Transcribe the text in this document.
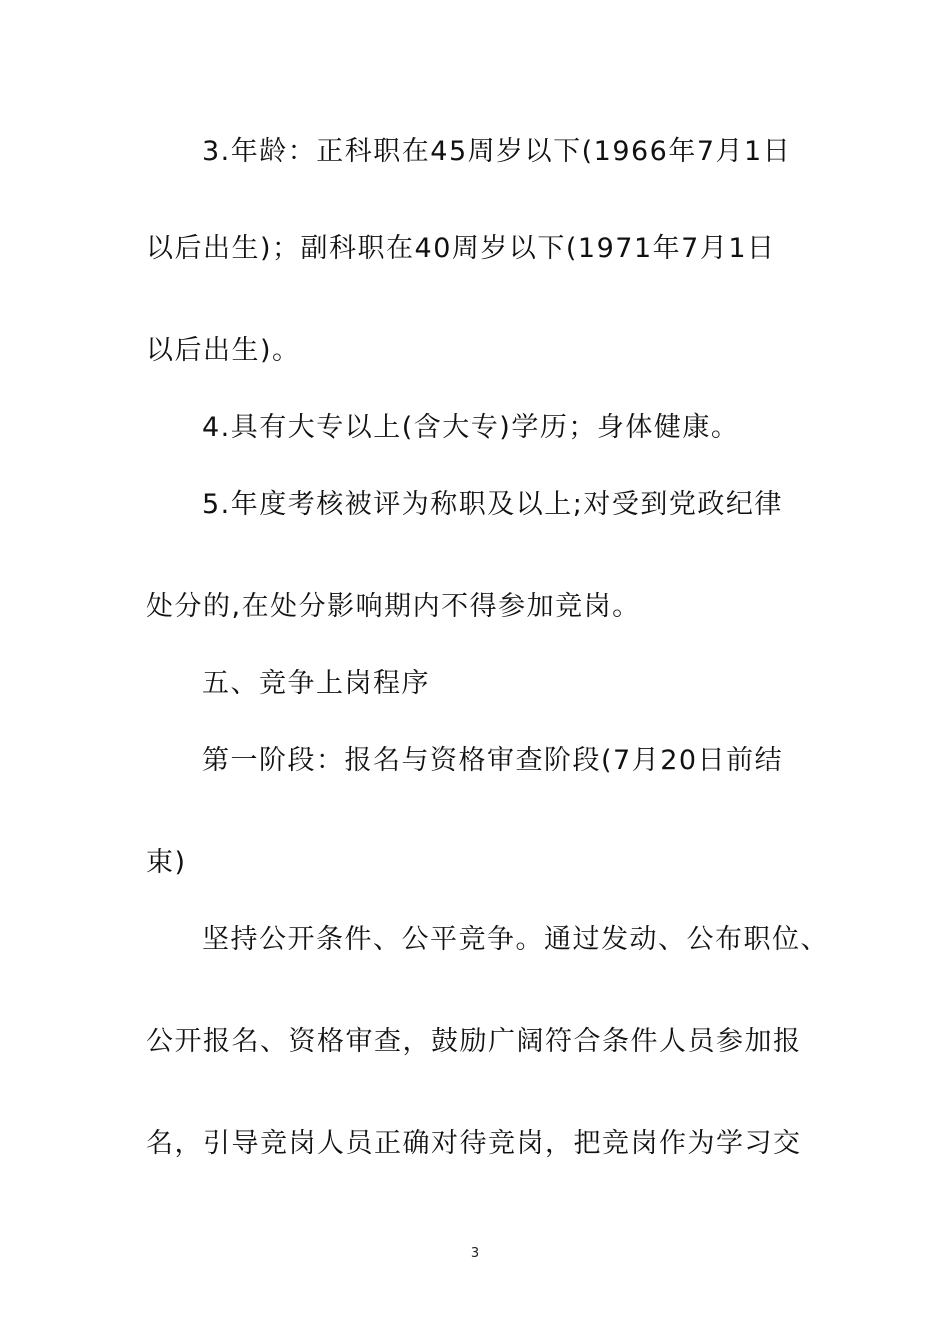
3.年龄：正科职在45周岁以下(1966年7月1日
以后出生)；副科职在40周岁以下(1971年7月1日
以后出生)。
4.具有大专以上(含大专)学历；身体健康。
5.年度考核被评为称职及以上;对受到党政纪律
处分的,在处分影响期内不得参加竞岗。
五、竞争上岗程序
第一阶段：报名与资格审查阶段(7月20日前结
束)
坚持公开条件、公平竞争。通过发动、公布职位、
公开报名、资格审查，鼓励广阔符合条件人员参加报
名，引导竞岗人员正确对待竞岗，把竞岗作为学习交
3
